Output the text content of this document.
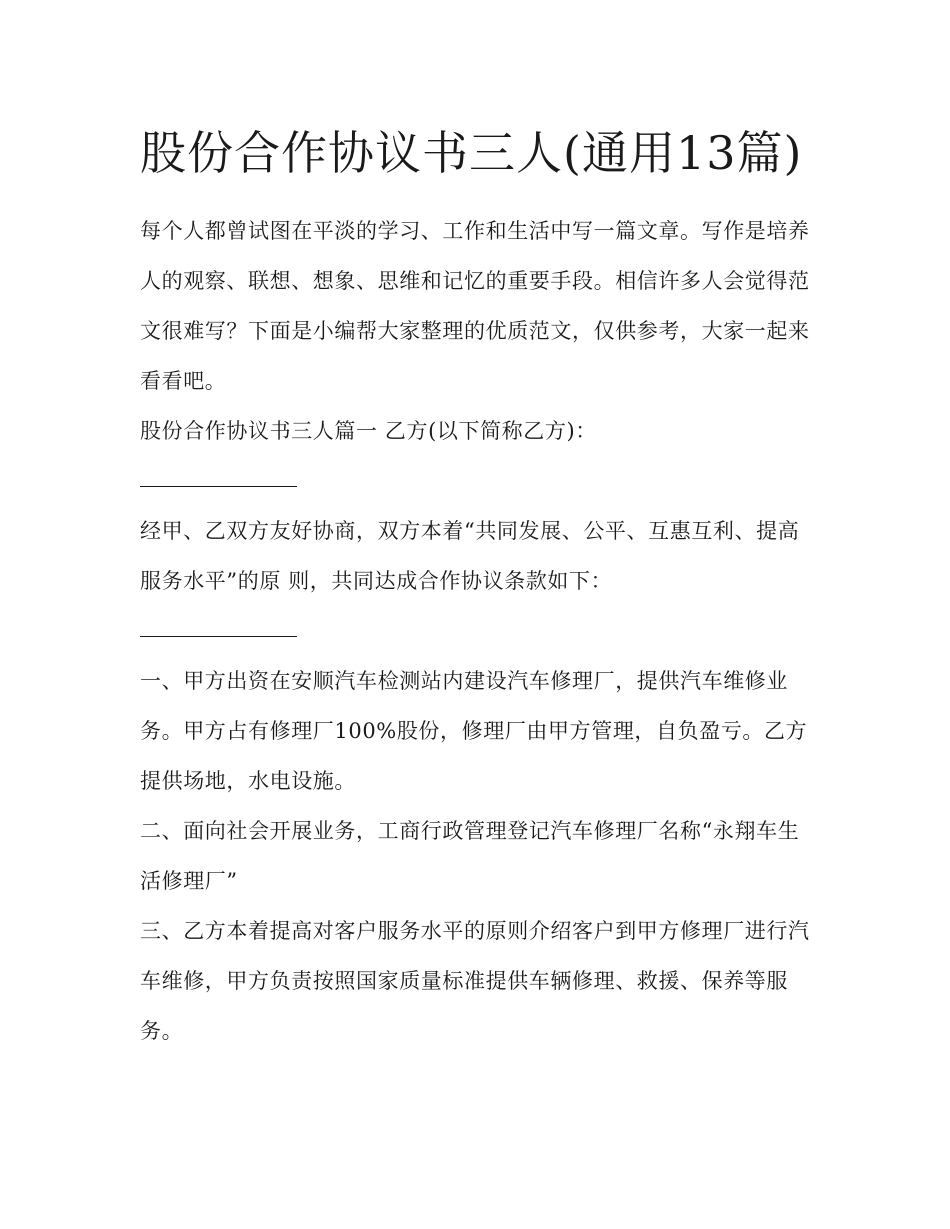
股份合作协议书三人(通用13篇)

每个人都曾试图在平淡的学习、工作和生活中写一篇文章。写作是培养人的观察、联想、想象、思维和记忆的重要手段。相信许多人会觉得范文很难写？下面是小编帮大家整理的优质范文，仅供参考，大家一起来看看吧。

股份合作协议书三人篇一 乙方(以下简称乙方)：

经甲、乙双方友好协商，双方本着“共同发展、公平、互惠互利、提高服务水平”的原 则，共同达成合作协议条款如下：

一、甲方出资在安顺汽车检测站内建设汽车修理厂，提供汽车维修业务。甲方占有修理厂100%股份，修理厂由甲方管理，自负盈亏。乙方提供场地，水电设施。

二、面向社会开展业务，工商行政管理登记汽车修理厂名称“永翔车生活修理厂”

三、乙方本着提高对客户服务水平的原则介绍客户到甲方修理厂进行汽车维修，甲方负责按照国家质量标准提供车辆修理、救援、保养等服务。
